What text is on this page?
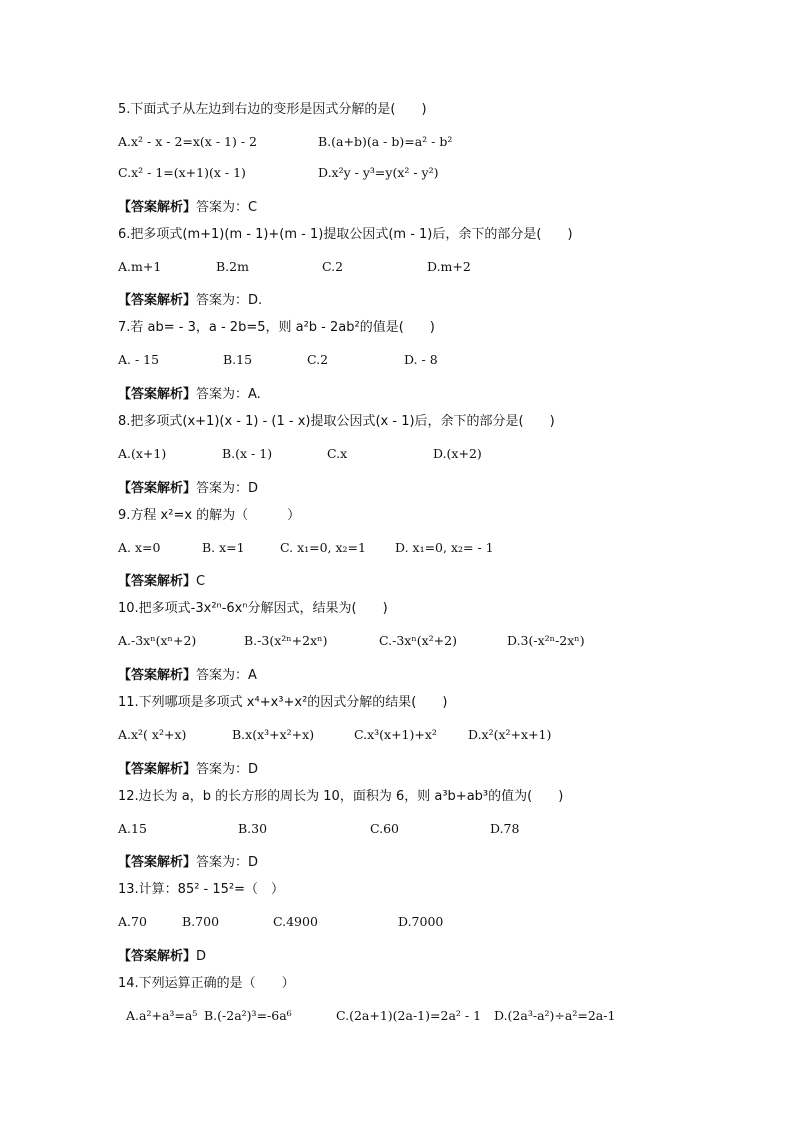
5.下面式子从左边到右边的变形是因式分解的是(　　)
A.x² - x - 2=x(x - 1) - 2	B.(a+b)(a - b)=a² - b²
C.x² - 1=(x+1)(x - 1)	D.x²y - y³=y(x² - y²)
【答案解析】答案为：C
6.把多项式(m+1)(m - 1)+(m - 1)提取公因式(m - 1)后，余下的部分是(　　)
A.m+1	B.2m	C.2	D.m+2
【答案解析】答案为：D.
7.若 ab= - 3，a - 2b=5，则 a²b - 2ab²的值是(　　)
A. - 15	B.15	C.2	D. - 8
【答案解析】答案为：A.
8.把多项式(x+1)(x - 1) - (1 - x)提取公因式(x - 1)后，余下的部分是(　　)
A.(x+1)	B.(x - 1)	C.x	D.(x+2)
【答案解析】答案为：D
9.方程 x²=x 的解为（　　　）
A. x=0	B. x=1	C. x₁=0, x₂=1 D. x₁=0, x₂= - 1
【答案解析】C
10.把多项式-3x²ⁿ-6xⁿ分解因式，结果为(　　)
A.-3xⁿ(xⁿ+2)	B.-3(x²ⁿ+2xⁿ)	C.-3xⁿ(x²+2)	D.3(-x²ⁿ-2xⁿ)
【答案解析】答案为：A
11.下列哪项是多项式 x⁴+x³+x²的因式分解的结果(　　)
A.x²( x²+x)	B.x(x³+x²+x)	C.x³(x+1)+x² D.x²(x²+x+1)
【答案解析】答案为：D
12.边长为 a，b 的长方形的周长为 10，面积为 6，则 a³b+ab³的值为(　　)
A.15	B.30	C.60	D.78
【答案解析】答案为：D
13.计算：85² - 15²=（　）
A.70	B.700	C.4900	D.7000
【答案解析】D
14.下列运算正确的是（　　）
A.a²+a³=a⁵ B.(-2a²)³=-6a⁶	C.(2a+1)(2a-1)=2a² - 1 D.(2a³-a²)÷a²=2a-1
